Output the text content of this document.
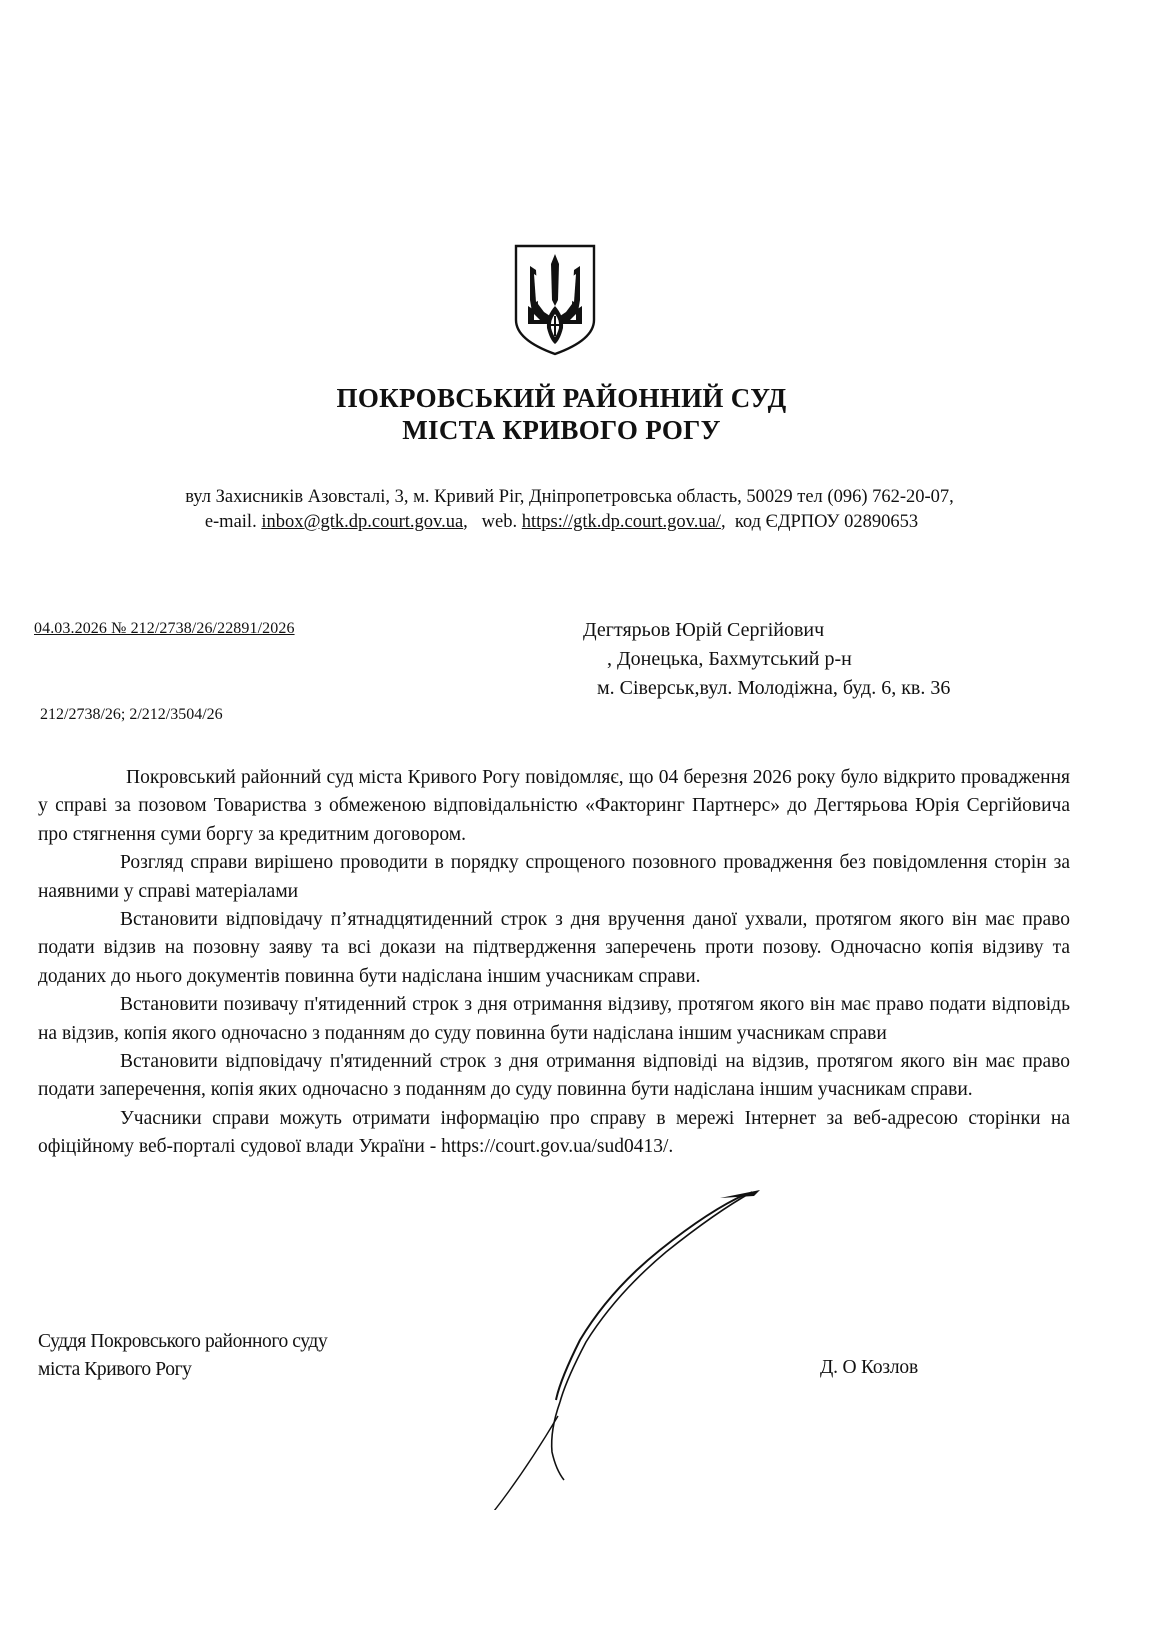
ПОКРОВСЬКИЙ РАЙОННИЙ СУД
МІСТА КРИВОГО РОГУ
вул Захисників Азовсталі, 3, м. Кривий Ріг, Дніпропетровська область, 50029 тел (096) 762-20-07,
e-mail. inbox@gtk.dp.court.gov.ua,   web. https://gtk.dp.court.gov.ua/,  код ЄДРПОУ 02890653
04.03.2026 № 212/2738/26/22891/2026
212/2738/26; 2/212/3504/26
Дегтярьов Юрій Сергійович
, Донецька, Бахмутський р-н
м. Сіверськ,вул. Молодіжна, буд. 6, кв. 36

Покровський районний суд міста Кривого Рогу повідомляє, що 04 березня 2026 року було відкрито провадження у справі за позовом Товариства з обмеженою відповідальністю «Факторинг Партнерс» до Дегтярьова Юрія Сергійовича про стягнення суми боргу за кредитним договором.

Розгляд справи вирішено проводити в порядку спрощеного позовного провадження без повідомлення сторін за наявними у справі матеріалами

Встановити відповідачу п’ятнадцятиденний строк з дня вручення даної ухвали, протягом якого він має право подати відзив на позовну заяву та всі докази на підтвердження заперечень проти позову. Одночасно копія відзиву та доданих до нього документів повинна бути надіслана іншим учасникам справи.

Встановити позивачу п'ятиденний строк з дня отримання відзиву, протягом якого він має право подати відповідь на відзив, копія якого одночасно з поданням до суду повинна бути надіслана іншим учасникам справи

Встановити відповідачу п'ятиденний строк з дня отримання відповіді на відзив, протягом якого він має право подати заперечення, копія яких одночасно з поданням до суду повинна бути надіслана іншим учасникам справи.

Учасники справи можуть отримати інформацію про справу в мережі Інтернет за веб-адресою сторінки на офіційному веб-порталі судової влади України - https://court.gov.ua/sud0413/.

Суддя Покровського районного суду
міста Кривого Рогу	Д. О Козлов
